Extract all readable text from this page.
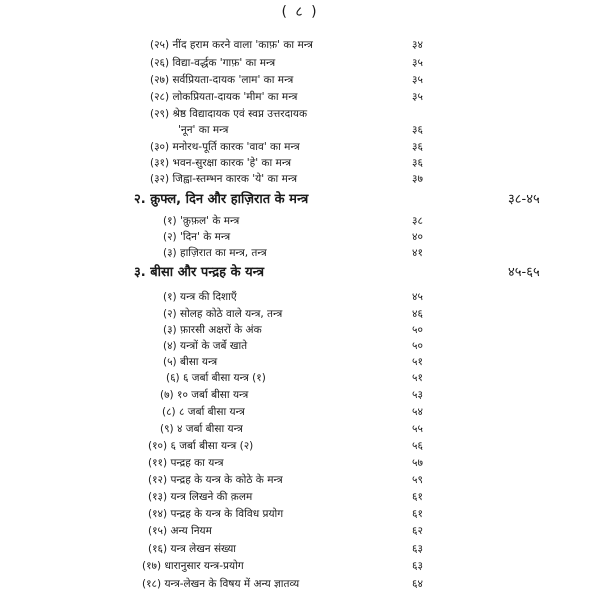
( ८ )
(२५) नींद हराम करने वाला 'काफ़' का मन्त्र	३४
(२६) विद्या-वर्द्धक 'गाफ़' का मन्त्र	३५
(२७) सर्वप्रियता-दायक 'लाम' का मन्त्र	३५
(२८) लोकप्रियता-दायक 'मीम' का मन्त्र	३५
(२९) श्रेष्ठ विद्यादायक एवं स्वप्न उत्तरदायक
'नून' का मन्त्र	३६
(३०) मनोरथ-पूर्ति कारक 'वाव' का मन्त्र	३६
(३१) भवन-सुरक्षा कारक 'हे' का मन्त्र	३६
(३२) जिह्वा-स्तम्भन कारक 'ये' का मन्त्र	३७
२. क़ुफ्ल, दिन और हाज़िरात के मन्त्र	३८-४५
(१) 'क़ुफ़ल' के मन्त्र	३८
(२) 'दिन' के मन्त्र	४०
(३) हाज़िरात का मन्त्र, तन्त्र	४१
३. बीसा और पन्द्रह के यन्त्र	४५-६५
(१) यन्त्र की दिशाएँ	४५
(२) सोलह कोठे वाले यन्त्र, तन्त्र	४६
(३) फ़ारसी अक्षरों के अंक	५०
(४) यन्त्रों के जर्बे खाते	५०
(५) बीसा यन्त्र	५१
(६) ६ जर्बा बीसा यन्त्र (१)	५१
(७) १० जर्बा बीसा यन्त्र	५३
(८) ८ जर्बा बीसा यन्त्र	५४
(९) ४ जर्बा बीसा यन्त्र	५५
(१०) ६ जर्बा बीसा यन्त्र (२)	५६
(११) पन्द्रह का यन्त्र	५७
(१२) पन्द्रह के यन्त्र के कोठे के मन्त्र	५९
(१३) यन्त्र लिखने की क़लम	६१
(१४) पन्द्रह के यन्त्र के विविध प्रयोग	६१
(१५) अन्य नियम	६२
(१६) यन्त्र लेखन संख्या	६३
(१७) धारानुसार यन्त्र-प्रयोग	६३
(१८) यन्त्र-लेखन के विषय में अन्य ज्ञातव्य	६४
